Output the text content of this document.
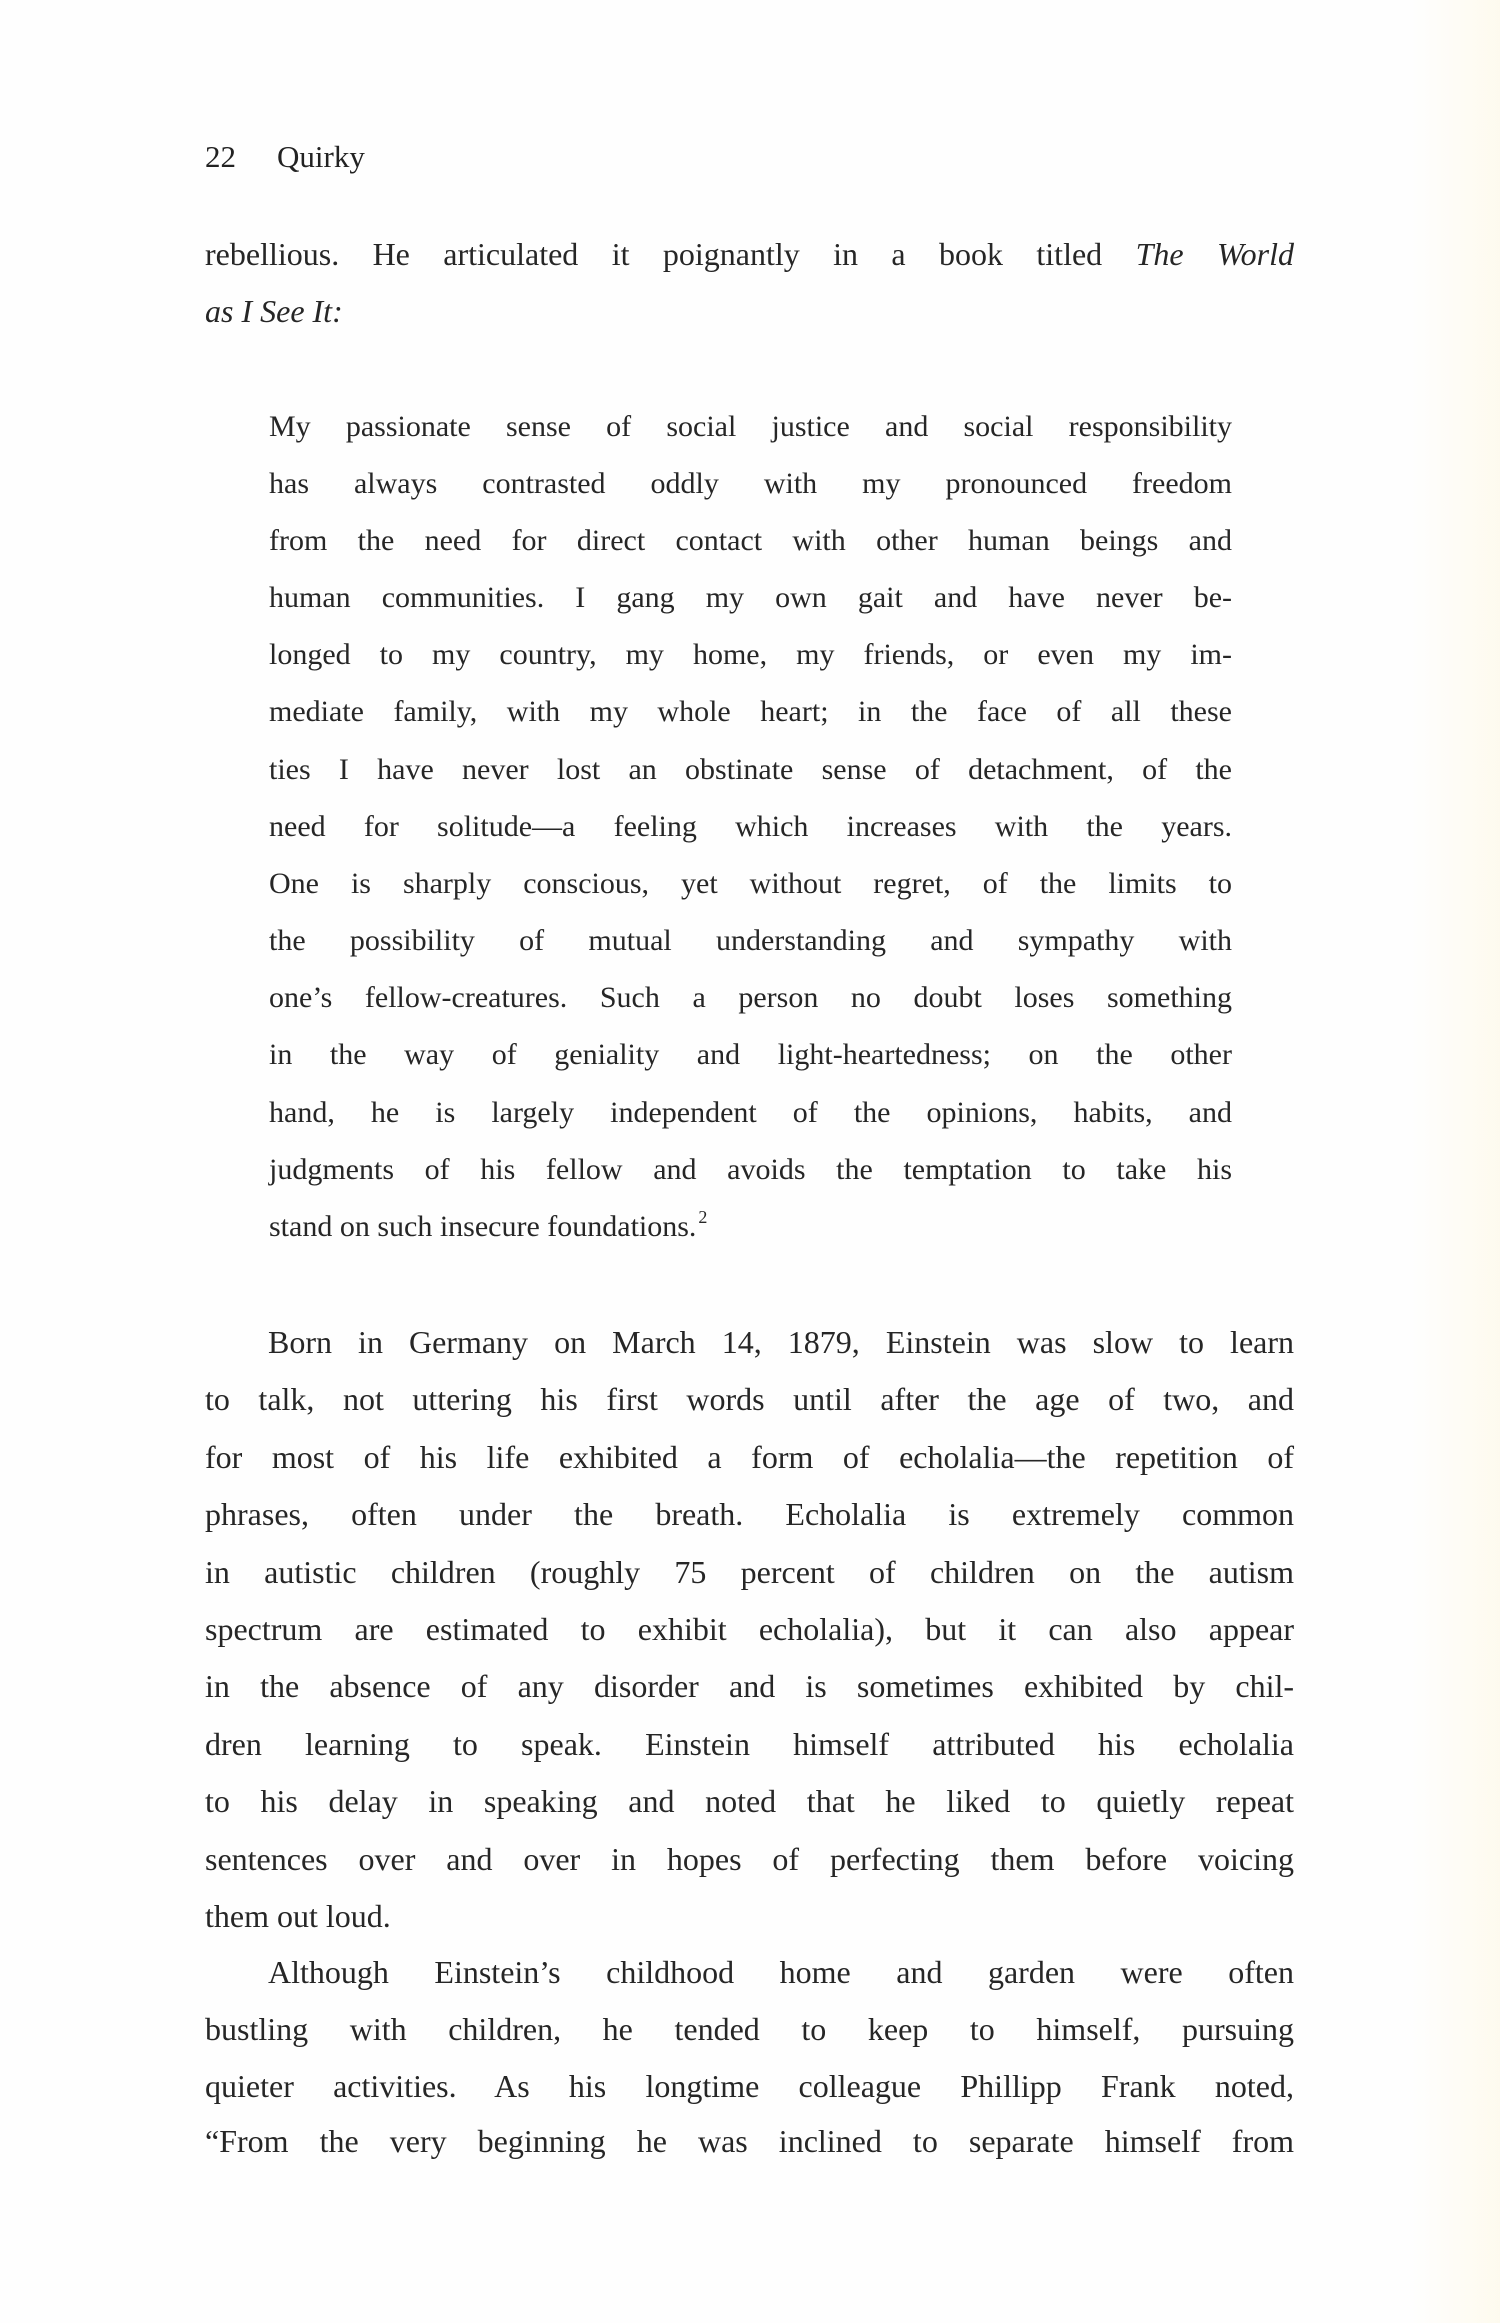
22 Quirky
rebellious. He articulated it poignantly in a book titled The World
as I See It:
My passionate sense of social justice and social responsibility
has always contrasted oddly with my pronounced freedom
from the need for direct contact with other human beings and
human communities. I gang my own gait and have never be-
longed to my country, my home, my friends, or even my im-
mediate family, with my whole heart; in the face of all these
ties I have never lost an obstinate sense of detachment, of the
need for solitude—a feeling which increases with the years.
One is sharply conscious, yet without regret, of the limits to
the possibility of mutual understanding and sympathy with
one’s fellow-creatures. Such a person no doubt loses something
in the way of geniality and light-heartedness; on the other
hand, he is largely independent of the opinions, habits, and
judgments of his fellow and avoids the temptation to take his
stand on such insecure foundations. $^2$
Born in Germany on March 14, 1879, Einstein was slow to learn
to talk, not uttering his first words until after the age of two, and
for most of his life exhibited a form of echolalia—the repetition of
phrases, often under the breath. Echolalia is extremely common
in autistic children (roughly 75 percent of children on the autism
spectrum are estimated to exhibit echolalia), but it can also appear
in the absence of any disorder and is sometimes exhibited by chil-
dren learning to speak. Einstein himself attributed his echolalia
to his delay in speaking and noted that he liked to quietly repeat
sentences over and over in hopes of perfecting them before voicing
them out loud.
Although Einstein’s childhood home and garden were often
bustling with children, he tended to keep to himself, pursuing
quieter activities. As his longtime colleague Phillipp Frank noted,
“From the very beginning he was inclined to separate himself from
